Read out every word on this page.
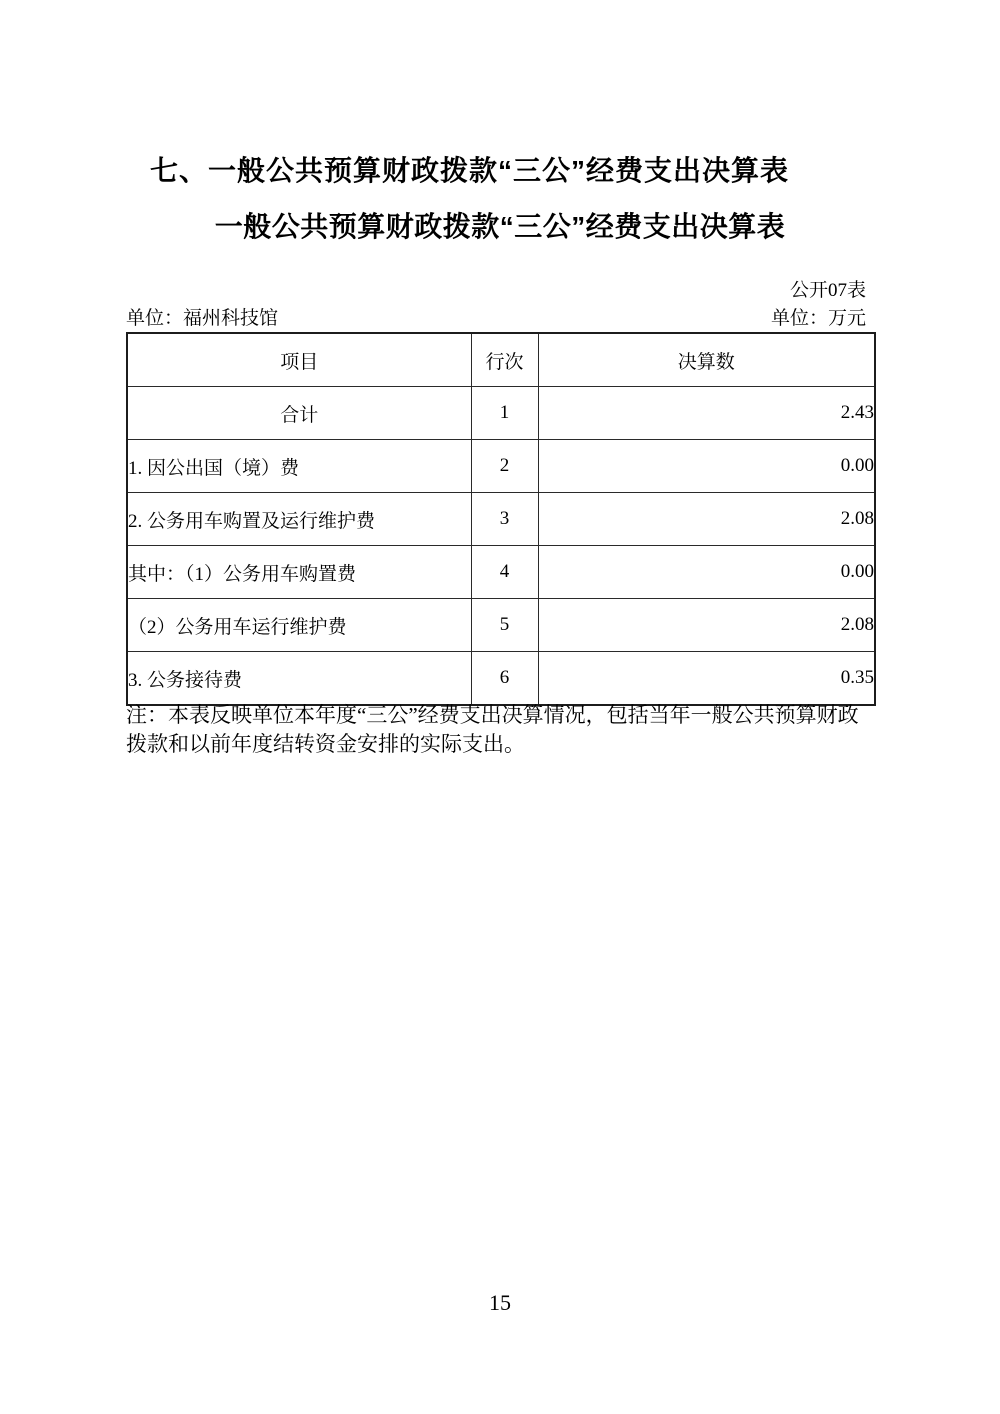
七、一般公共预算财政拨款“三公”经费支出决算表
一般公共预算财政拨款“三公”经费支出决算表
公开07表
单位：福州科技馆	单位：万元
项目	行次	决算数
合计	1	2.43
1. 因公出国（境）费	2	0.00
2. 公务用车购置及运行维护费	3	2.08
其中：（1）公务用车购置费	4	0.00
（2）公务用车运行维护费	5	2.08
3. 公务接待费	6	0.35

注：本表反映单位本年度“三公”经费支出决算情况，包括当年一般公共预算财政拨款和以前年度结转资金安排的实际支出。

15
